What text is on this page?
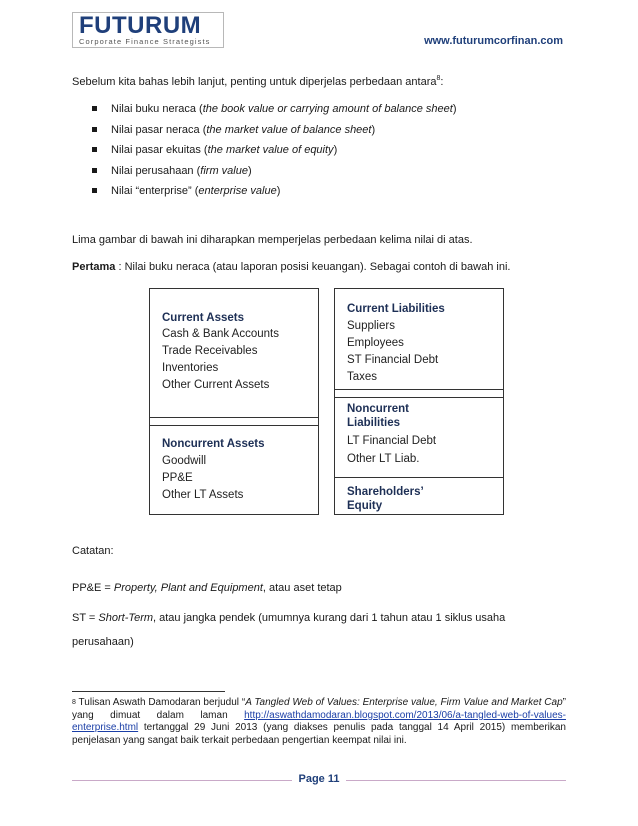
FUTURUM
Corporate Finance Strategists	www.futurumcorfinan.com
Sebelum kita bahas lebih lanjut, penting untuk diperjelas perbedaan antara$^8$:
Nilai buku neraca (the book value or carrying amount of balance sheet)
Nilai pasar neraca (the market value of balance sheet)
Nilai pasar ekuitas (the market value of equity)
Nilai perusahaan (firm value)
Nilai “enterprise” (enterprise value)
Lima gambar di bawah ini diharapkan memperjelas perbedaan kelima nilai di atas.
Pertama : Nilai buku neraca (atau laporan posisi keuangan). Sebagai contoh di bawah ini.
Current Assets
Cash & Bank Accounts
Trade Receivables
Inventories
Other Current Assets
Noncurrent Assets
Goodwill
PP&E
Other LT Assets
Current Liabilities
Suppliers
Employees
ST Financial Debt
Taxes
Noncurrent
Liabilities
LT Financial Debt
Other LT Liab.
Shareholders’
Equity
Catatan:
PP&E = Property, Plant and Equipment, atau aset tetap
ST = Short-Term, atau jangka pendek (umumnya kurang dari 1 tahun atau 1 siklus usaha
perusahaan)
$^8$ Tulisan Aswath Damodaran berjudul “A Tangled Web of Values: Enterprise value, Firm Value and Market Cap” yang dimuat dalam laman http://aswathdamodaran.blogspot.com/2013/06/a-tangled-web-of-values-enterprise.html tertanggal 29 Juni 2013 (yang diakses penulis pada tanggal 14 April 2015) memberikan penjelasan yang sangat baik terkait perbedaan pengertian keempat nilai ini.
Page 11
